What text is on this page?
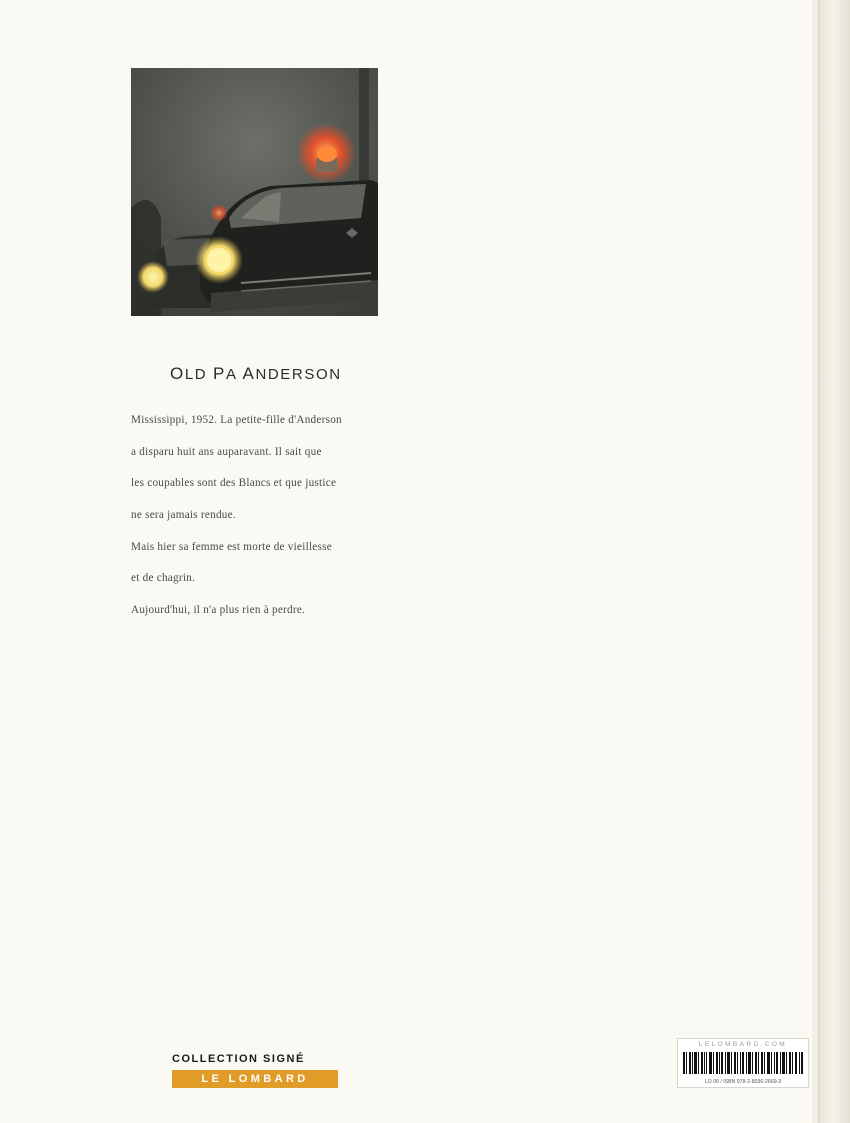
OLD PA ANDERSON
Mississippi, 1952. La petite-fille d'Anderson
a disparu huit ans auparavant. Il sait que
les coupables sont des Blancs et que justice
ne sera jamais rendue.
Mais hier sa femme est morte de vieillesse
et de chagrin.
Aujourd'hui, il n'a plus rien à perdre.
COLLECTION SIGNÉ
LE LOMBARD
LELOMBARD.COM
LO 06 / ISBN 978-2-8036-2669-3
